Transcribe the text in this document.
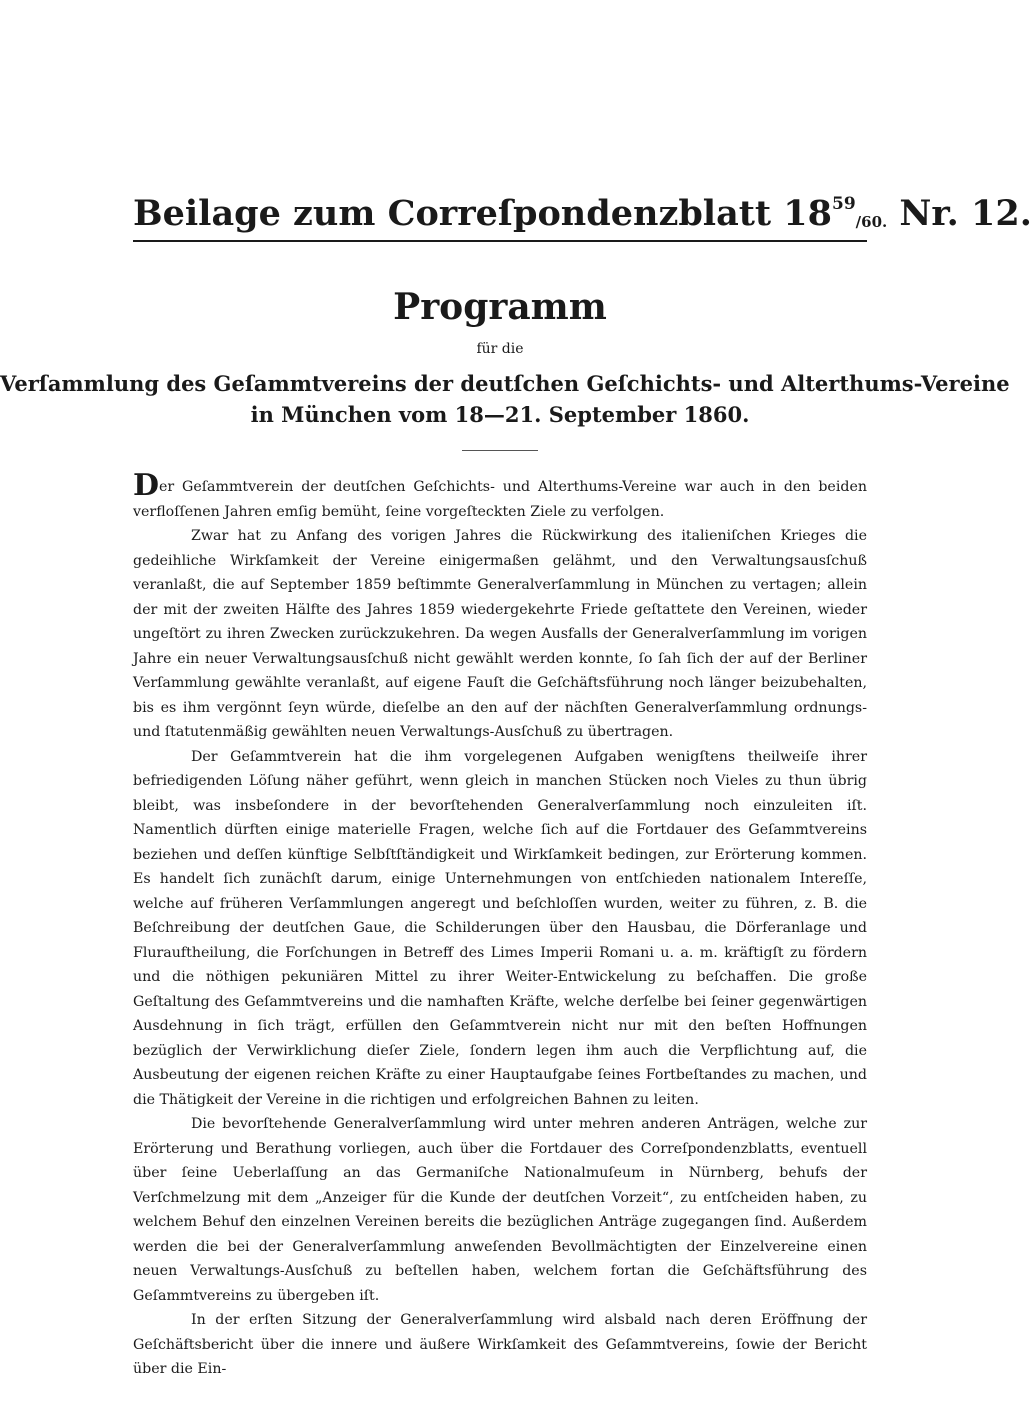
Beilage zum Correſpondenzblatt $18^{59}_{/60.}$ Nr. 12.
Programm
für die
Verſammlung des Geſammtvereins der deutſchen Geſchichts- und Alterthums-Vereine
in München vom 18—21. September 1860.

Der Geſammtverein der deutſchen Geſchichts- und Alterthums-Vereine war auch in den beiden verfloſſenen Jahren emſig bemüht, ſeine vorgeſteckten Ziele zu verfolgen.

Zwar hat zu Anfang des vorigen Jahres die Rückwirkung des italieniſchen Krieges die gedeihliche Wirkſamkeit der Vereine einigermaßen gelähmt, und den Verwaltungsausſchuß veranlaßt, die auf September 1859 beſtimmte Generalverſammlung in München zu vertagen; allein der mit der zweiten Hälfte des Jahres 1859 wiedergekehrte Friede geſtattete den Vereinen, wieder ungeſtört zu ihren Zwecken zurückzukehren. Da wegen Ausfalls der Generalverſammlung im vorigen Jahre ein neuer Verwaltungsausſchuß nicht gewählt werden konnte, ſo ſah ſich der auf der Berliner Verſammlung gewählte veranlaßt, auf eigene Fauſt die Geſchäftsführung noch länger beizubehalten, bis es ihm vergönnt ſeyn würde, dieſelbe an den auf der nächſten Generalverſammlung ordnungs- und ſtatutenmäßig gewählten neuen Verwaltungs-Ausſchuß zu übertragen.

Der Geſammtverein hat die ihm vorgelegenen Aufgaben wenigſtens theilweiſe ihrer befriedigenden Löſung näher geführt, wenn gleich in manchen Stücken noch Vieles zu thun übrig bleibt, was insbeſondere in der bevorſtehenden Generalverſammlung noch einzuleiten iſt. Namentlich dürften einige materielle Fragen, welche ſich auf die Fortdauer des Geſammtvereins beziehen und deſſen künftige Selbſtſtändigkeit und Wirkſamkeit bedingen, zur Erörterung kommen. Es handelt ſich zunächſt darum, einige Unternehmungen von entſchieden nationalem Intereſſe, welche auf früheren Verſammlungen angeregt und beſchloſſen wurden, weiter zu führen, z. B. die Beſchreibung der deutſchen Gaue, die Schilderungen über den Hausbau, die Dörferanlage und Flurauftheilung, die Forſchungen in Betreff des Limes Imperii Romani u. a. m. kräftigſt zu fördern und die nöthigen pekuniären Mittel zu ihrer Weiter-Entwickelung zu beſchaffen. Die große Geſtaltung des Geſammtvereins und die namhaften Kräfte, welche derſelbe bei ſeiner gegenwärtigen Ausdehnung in ſich trägt, erfüllen den Geſammtverein nicht nur mit den beſten Hoffnungen bezüglich der Verwirklichung dieſer Ziele, ſondern legen ihm auch die Verpflichtung auf, die Ausbeutung der eigenen reichen Kräfte zu einer Hauptaufgabe ſeines Fortbeſtandes zu machen, und die Thätigkeit der Vereine in die richtigen und erfolgreichen Bahnen zu leiten.

Die bevorſtehende Generalverſammlung wird unter mehren anderen Anträgen, welche zur Erörterung und Berathung vorliegen, auch über die Fortdauer des Correſpondenzblatts, eventuell über ſeine Ueberlaſſung an das Germaniſche Nationalmuſeum in Nürnberg, behufs der Verſchmelzung mit dem „Anzeiger für die Kunde der deutſchen Vorzeit“, zu entſcheiden haben, zu welchem Behuf den einzelnen Vereinen bereits die bezüglichen Anträge zugegangen ſind. Außerdem werden die bei der Generalverſammlung anweſenden Bevollmächtigten der Einzelvereine einen neuen Verwaltungs-Ausſchuß zu beſtellen haben, welchem fortan die Geſchäftsführung des Geſammtvereins zu übergeben iſt.

In der erſten Sitzung der Generalverſammlung wird alsbald nach deren Eröffnung der Geſchäftsbericht über die innere und äußere Wirkſamkeit des Geſammtvereins, ſowie der Bericht über die Ein-
